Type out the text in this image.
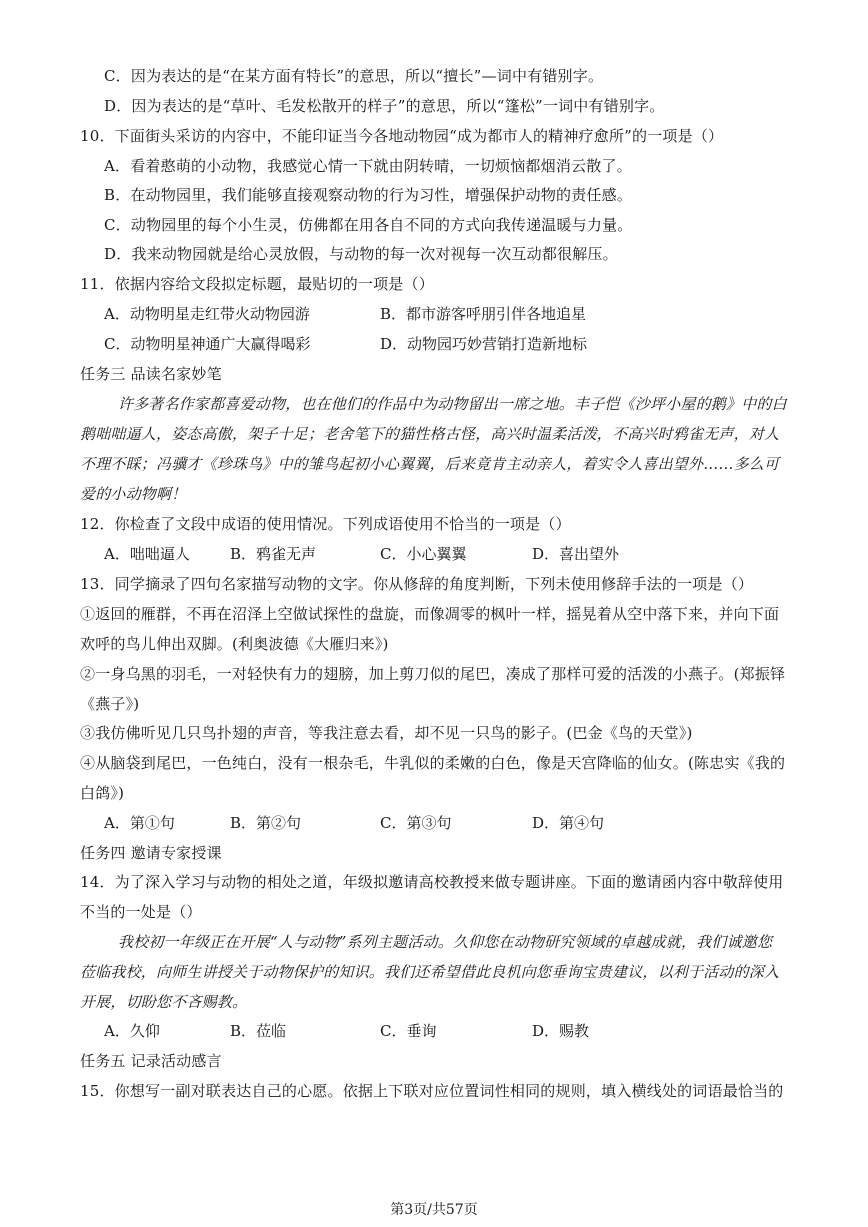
C．因为表达的是“在某方面有特长”的意思，所以“擅长”—词中有错别字。
D．因为表达的是“草叶、毛发松散开的样子”的意思，所以“篷松”一词中有错别字。
10．下面街头采访的内容中，不能印证当今各地动物园“成为都市人的精神疗愈所”的一项是（）
A．看着憨萌的小动物，我感觉心情一下就由阴转晴，一切烦恼都烟消云散了。
B．在动物园里，我们能够直接观察动物的行为习性，增强保护动物的责任感。
C．动物园里的每个小生灵，仿佛都在用各自不同的方式向我传递温暖与力量。
D．我来动物园就是给心灵放假，与动物的每一次对视每一次互动都很解压。
11．依据内容给文段拟定标题，最贴切的一项是（）
任务三 品读名家妙笔
许多著名作家都喜爱动物，也在他们的作品中为动物留出一席之地。丰子恺《沙坪小屋的鹅》中的白
鹅咄咄逼人，姿态高傲，架子十足；老舍笔下的猫性格古怪，高兴时温柔活泼，不高兴时鸦雀无声，对人
不理不睬；冯骥才《珍珠鸟》中的雏鸟起初小心翼翼，后来竟肯主动亲人，着实令人喜出望外……多么可
爱的小动物啊！
12．你检查了文段中成语的使用情况。下列成语使用不恰当的一项是（）
13．同学摘录了四句名家描写动物的文字。你从修辞的角度判断，下列未使用修辞手法的一项是（）
①返回的雁群，不再在沼泽上空做试探性的盘旋，而像凋零的枫叶一样，摇晃着从空中落下来，并向下面
欢呼的鸟儿伸出双脚。(利奥波德《大雁归来》)
②一身乌黑的羽毛，一对轻快有力的翅膀，加上剪刀似的尾巴，凑成了那样可爱的活泼的小燕子。(郑振铎
《燕子》)
③我仿佛听见几只鸟扑翅的声音，等我注意去看，却不见一只鸟的影子。(巴金《鸟的天堂》)
④从脑袋到尾巴，一色纯白，没有一根杂毛，牛乳似的柔嫩的白色，像是天宫降临的仙女。(陈忠实《我的
白鸽》)
任务四 邀请专家授课
14．为了深入学习与动物的相处之道，年级拟邀请高校教授来做专题讲座。下面的邀请函内容中敬辞使用
不当的一处是（）
我校初一年级正在开展“人与动物”系列主题活动。久仰您在动物研究领域的卓越成就，我们诚邀您
莅临我校，向师生讲授关于动物保护的知识。我们还希望借此良机向您垂询宝贵建议，以利于活动的深入
开展，切盼您不吝赐教。
任务五 记录活动感言
15．你想写一副对联表达自己的心愿。依据上下联对应位置词性相同的规则，填入横线处的词语最恰当的
A．动物明星走红带火动物园游	B．都市游客呼朋引伴各地追星
C．动物明星神通广大赢得喝彩	D．动物园巧妙营销打造新地标
A．咄咄逼人	B．鸦雀无声	C．小心翼翼	D．喜出望外
A．第①句	B．第②句	C．第③句	D．第④句
A．久仰	B．莅临	C．垂询	D．赐教
第3页/共57页
